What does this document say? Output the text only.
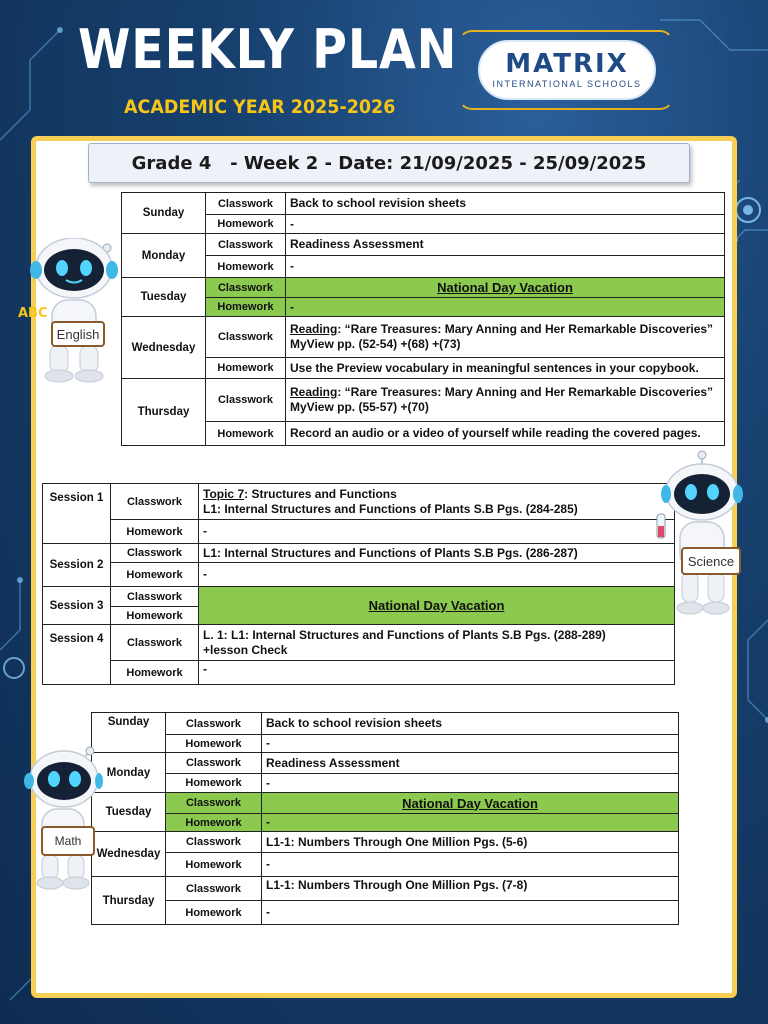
WEEKLY PLAN
ACADEMIC YEAR 2025-2026
MATRIX
INTERNATIONAL SCHOOLS
Grade 4   - Week 2 - Date: 21/09/2025 - 25/09/2025
Sunday	Classwork	Back to school revision sheets
	Homework	-
Monday	Classwork	Readiness Assessment
	Homework	-
Tuesday	Classwork	National Day Vacation
	Homework	-
Wednesday	Classwork	Reading: “Rare Treasures: Mary Anning and Her Remarkable Discoveries”
MyView pp. (52-54) +(68) +(73)
	Homework	Use the Preview vocabulary in meaningful sentences in your copybook.
Thursday	Classwork	Reading: “Rare Treasures: Mary Anning and Her Remarkable Discoveries”
MyView pp. (55-57) +(70)
	Homework	Record an audio or a video of yourself while reading the covered pages.
Session 1	Classwork	Topic 7: Structures and Functions
L1: Internal Structures and Functions of Plants S.B Pgs. (284-285)
	Homework	-
Session 2	Classwork	L1: Internal Structures and Functions of Plants S.B Pgs. (286-287)
	Homework	-
Session 3	Classwork	National Day Vacation
	Homework	
Session 4	Classwork	L. 1: L1: Internal Structures and Functions of Plants S.B Pgs. (288-289)
+lesson Check
	Homework	-
Sunday	Classwork	Back to school revision sheets
	Homework	-
Monday	Classwork	Readiness Assessment
	Homework	-
Tuesday	Classwork	National Day Vacation
	Homework	-
Wednesday	Classwork	L1-1: Numbers Through One Million Pgs. (5-6)
	Homework	-
Thursday	Classwork	L1-1: Numbers Through One Million Pgs. (7-8)
	Homework	-
English
ABC
Science
Math
